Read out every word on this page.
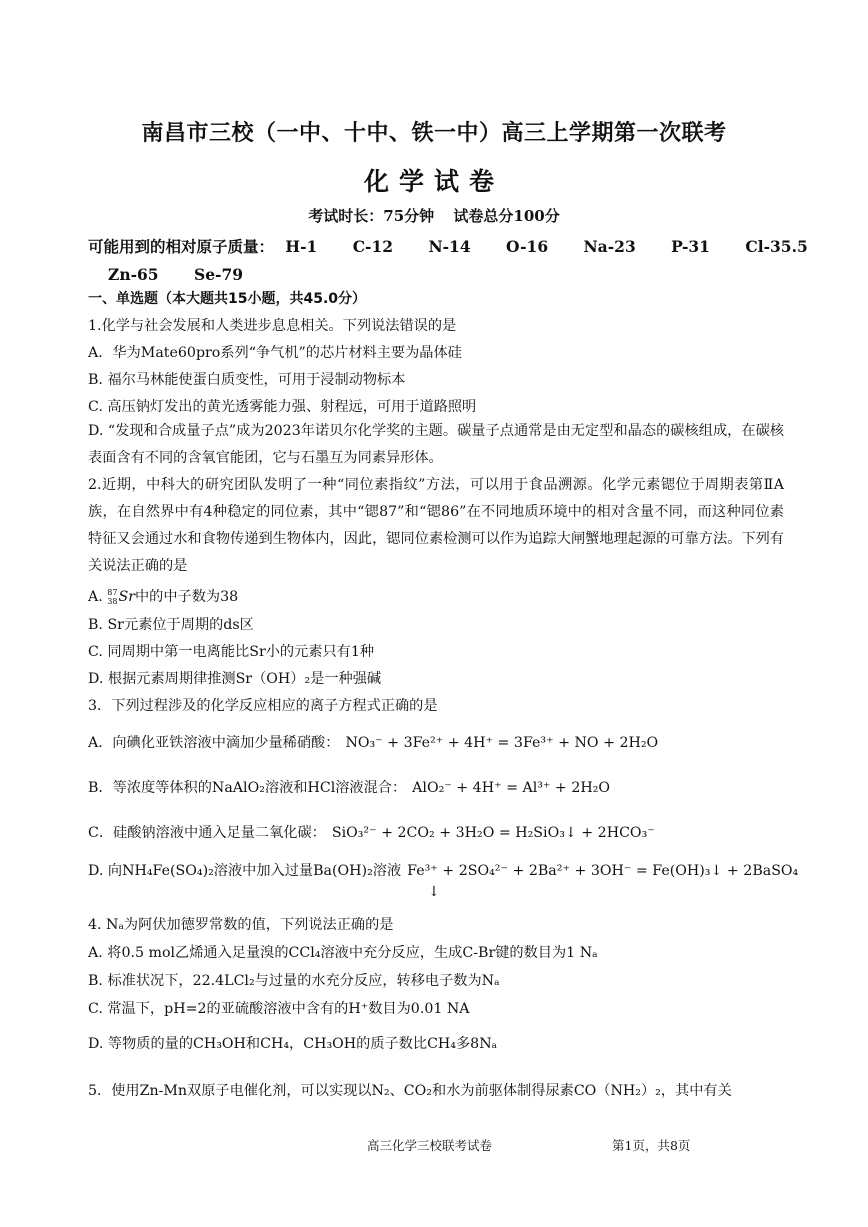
南昌市三校（一中、十中、铁一中）高三上学期第一次联考
化学试卷
考试时长：75分钟 试卷总分100分
可能用到的相对原子质量： H-1 C-12 N-14 O-16 Na-23 P-31 Cl-35.5
Zn-65 Se-79
一、单选题（本大题共15小题，共45.0分）
1.化学与社会发展和人类进步息息相关。下列说法错误的是
A．华为Mate60pro系列“争气机”的芯片材料主要为晶体硅
B. 福尔马林能使蛋白质变性，可用于浸制动物标本
C. 高压钠灯发出的黄光透雾能力强、射程远，可用于道路照明
D. “发现和合成量子点”成为2023年诺贝尔化学奖的主题。碳量子点通常是由无定型和晶态的碳核组成，在碳核表面含有不同的含氧官能团，它与石墨互为同素异形体。
2.近期，中科大的研究团队发明了一种“同位素指纹”方法，可以用于食品溯源。化学元素锶位于周期表第ⅡA族，在自然界中有4种稳定的同位素，其中“锶87”和“锶86”在不同地质环境中的相对含量不同，而这种同位素特征又会通过水和食物传递到生物体内，因此，锶同位素检测可以作为追踪大闸蟹地理起源的可靠方法。下列有关说法正确的是
A. 87
38 Sr中的中子数为38
B. Sr元素位于周期的ds区
C. 同周期中第一电离能比Sr小的元素只有1种
D. 根据元素周期律推测Sr（OH）₂是一种强碱
3．下列过程涉及的化学反应相应的离子方程式正确的是
A．向碘化亚铁溶液中滴加少量稀硝酸： NO₃⁻ + 3Fe²⁺ + 4H⁺ = 3Fe³⁺ + NO + 2H₂O
B．等浓度等体积的NaAlO₂溶液和HCl溶液混合： AlO₂⁻ + 4H⁺ = Al³⁺ + 2H₂O
C．硅酸钠溶液中通入足量二氧化碳： SiO₃²⁻ + 2CO₂ + 3H₂O = H₂SiO₃↓ + 2HCO₃⁻
D. 向NH₄Fe(SO₄)₂溶液中加入过量Ba(OH)₂溶液 Fe³⁺ + 2SO₄²⁻ + 2Ba²⁺ + 3OH⁻ = Fe(OH)₃↓ + 2BaSO₄
↓
4. Nₐ为阿伏加德罗常数的值，下列说法正确的是
A. 将0.5 mol乙烯通入足量溴的CCl₄溶液中充分反应，生成C-Br键的数目为1 Nₐ
B. 标准状况下，22.4LCl₂与过量的水充分反应，转移电子数为Nₐ
C. 常温下，pH=2的亚硫酸溶液中含有的H⁺数目为0.01 NA
D. 等物质的量的CH₃OH和CH₄，CH₃OH的质子数比CH₄多8Nₐ
5．使用Zn-Mn双原子电催化剂，可以实现以N₂、CO₂和水为前驱体制得尿素CO（NH₂）₂，其中有关
高三化学三校联考试卷	第1页，共8页
